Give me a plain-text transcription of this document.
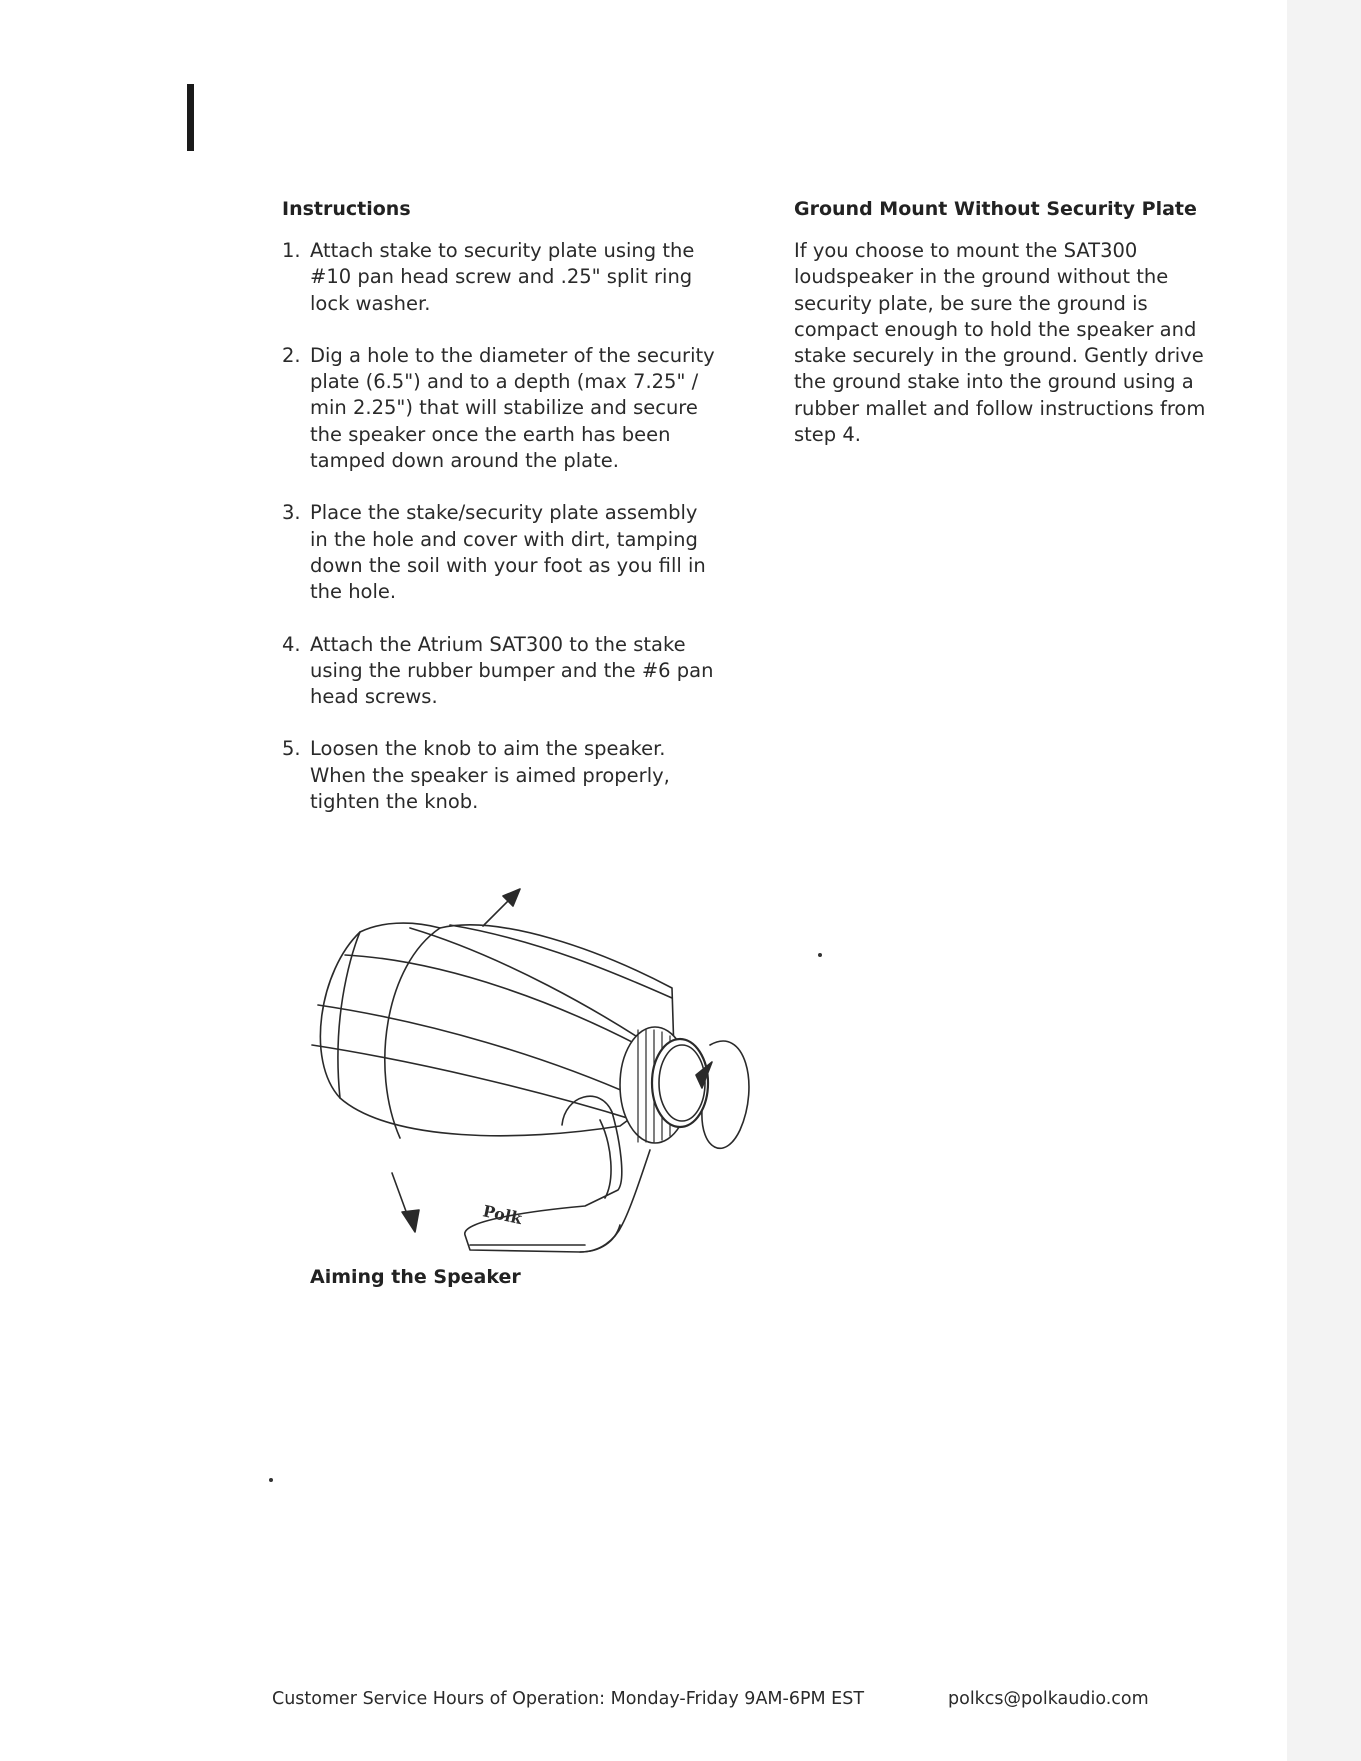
Instructions
1. Attach stake to security plate using the
#10 pan head screw and .25" split ring
lock washer.
2. Dig a hole to the diameter of the security
plate (6.5") and to a depth (max 7.25" /
min 2.25") that will stabilize and secure
the speaker once the earth has been
tamped down around the plate.
3. Place the stake/security plate assembly
in the hole and cover with dirt, tamping
down the soil with your foot as you fill in
the hole.
4. Attach the Atrium SAT300 to the stake
using the rubber bumper and the #6 pan
head screws.
5. Loosen the knob to aim the speaker.
When the speaker is aimed properly,
tighten the knob.
Ground Mount Without Security Plate
If you choose to mount the SAT300
loudspeaker in the ground without the
security plate, be sure the ground is
compact enough to hold the speaker and
stake securely in the ground. Gently drive
the ground stake into the ground using a
rubber mallet and follow instructions from
step 4.
Polk
Aiming the Speaker
Customer Service Hours of Operation: Monday-Friday 9AM-6PM EST	polkcs@polkaudio.com
